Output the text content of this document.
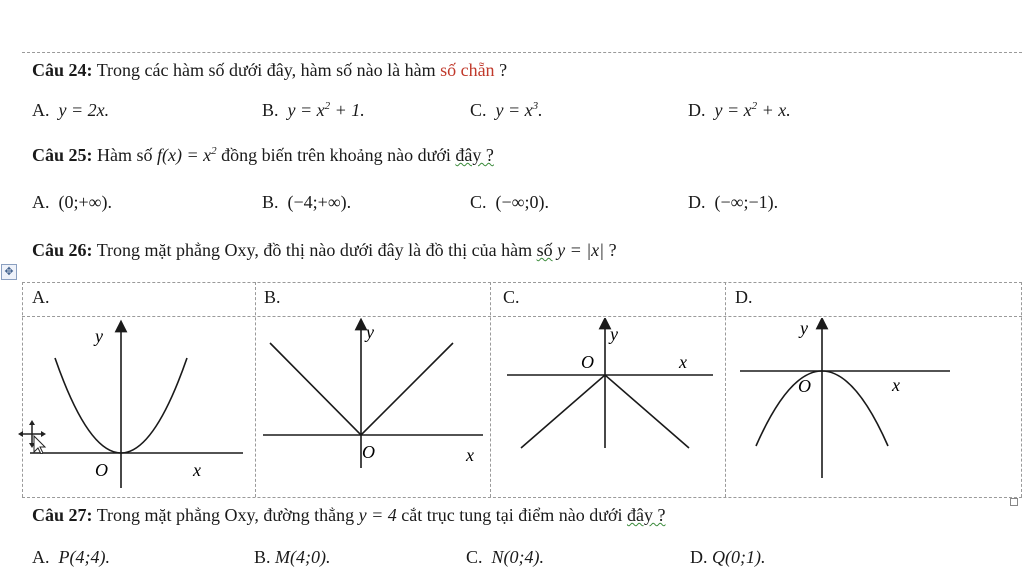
Câu 24: Trong các hàm số dưới đây, hàm số nào là hàm số chẵn ?
A. y = 2x.	B. $y = x^2 + 1$.	C. $y = x^3$.	D. $y = x^2 + x$.
Câu 25: Hàm số $f(x) = x^2$ đồng biến trên khoảng nào dưới đây ?
A. (0;+∞).	B. (−4;+∞).	C. (−∞;0).	D. (−∞;−1).
Câu 26: Trong mặt phẳng Oxy, đồ thị nào dưới đây là đồ thị của hàm số y = |x| ?
✥
A.	B.	C.	D.
y
O	x
y
O	x
y
O	x
y
O	x
Câu 27: Trong mặt phẳng Oxy, đường thẳng y = 4 cắt trục tung tại điểm nào dưới đây ?
A. P(4;4).	B. M(4;0).	C. N(0;4).	D. Q(0;1).
